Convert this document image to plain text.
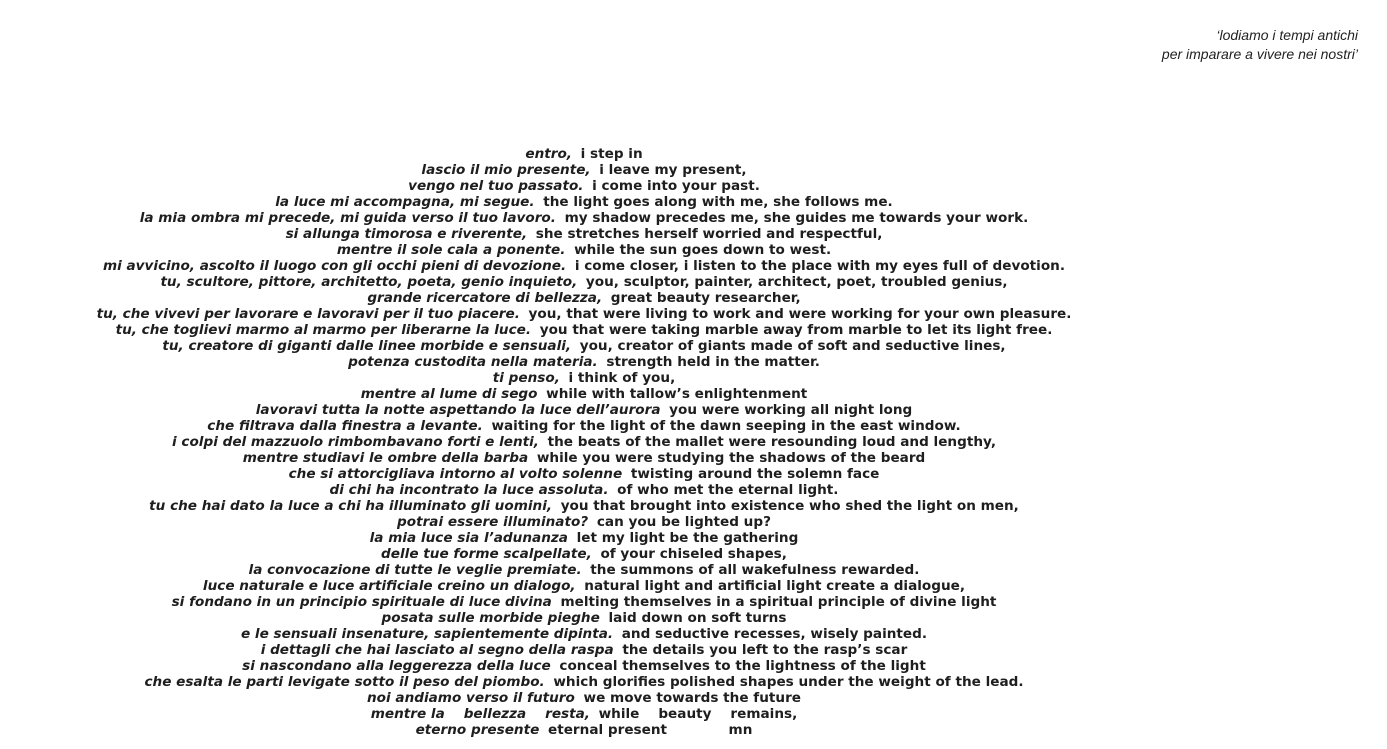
‘lodiamo i tempi antichi
per imparare a vivere nei nostri’
entro, i step in
lascio il mio presente, i leave my present,
vengo nel tuo passato. i come into your past.
la luce mi accompagna, mi segue. the light goes along with me, she follows me.
la mia ombra mi precede, mi guida verso il tuo lavoro. my shadow precedes me, she guides me towards your work.
si allunga timorosa e riverente, she stretches herself worried and respectful,
mentre il sole cala a ponente. while the sun goes down to west.
mi avvicino, ascolto il luogo con gli occhi pieni di devozione. i come closer, i listen to the place with my eyes full of devotion.
tu, scultore, pittore, architetto, poeta, genio inquieto, you, sculptor, painter, architect, poet, troubled genius,
grande ricercatore di bellezza, great beauty researcher,
tu, che vivevi per lavorare e lavoravi per il tuo piacere. you, that were living to work and were working for your own pleasure.
tu, che toglievi marmo al marmo per liberarne la luce. you that were taking marble away from marble to let its light free.
tu, creatore di giganti dalle linee morbide e sensuali, you, creator of giants made of soft and seductive lines,
potenza custodita nella materia. strength held in the matter.
ti penso, i think of you,
mentre al lume di sego while with tallow’s enlightenment
lavoravi tutta la notte aspettando la luce dell’aurora you were working all night long
che filtrava dalla finestra a levante. waiting for the light of the dawn seeping in the east window.
i colpi del mazzuolo rimbombavano forti e lenti, the beats of the mallet were resounding loud and lengthy,
mentre studiavi le ombre della barba while you were studying the shadows of the beard
che si attorcigliava intorno al volto solenne twisting around the solemn face
di chi ha incontrato la luce assoluta. of who met the eternal light.
tu che hai dato la luce a chi ha illuminato gli uomini, you that brought into existence who shed the light on men,
potrai essere illuminato? can you be lighted up?
la mia luce sia l’adunanza let my light be the gathering
delle tue forme scalpellate, of your chiseled shapes,
la convocazione di tutte le veglie premiate. the summons of all wakefulness rewarded.
luce naturale e luce artificiale creino un dialogo, natural light and artificial light create a dialogue,
si fondano in un principio spirituale di luce divina melting themselves in a spiritual principle of divine light
posata sulle morbide pieghe laid down on soft turns
e le sensuali insenature, sapientemente dipinta. and seductive recesses, wisely painted.
i dettagli che hai lasciato al segno della raspa the details you left to the rasp’s scar
si nascondano alla leggerezza della luce conceal themselves to the lightness of the light
che esalta le parti levigate sotto il peso del piombo. which glorifies polished shapes under the weight of the lead.
noi andiamo verso il futuro we move towards the future
mentre la    bellezza    resta, while    beauty    remains,
eterno presente eternal present             mn
